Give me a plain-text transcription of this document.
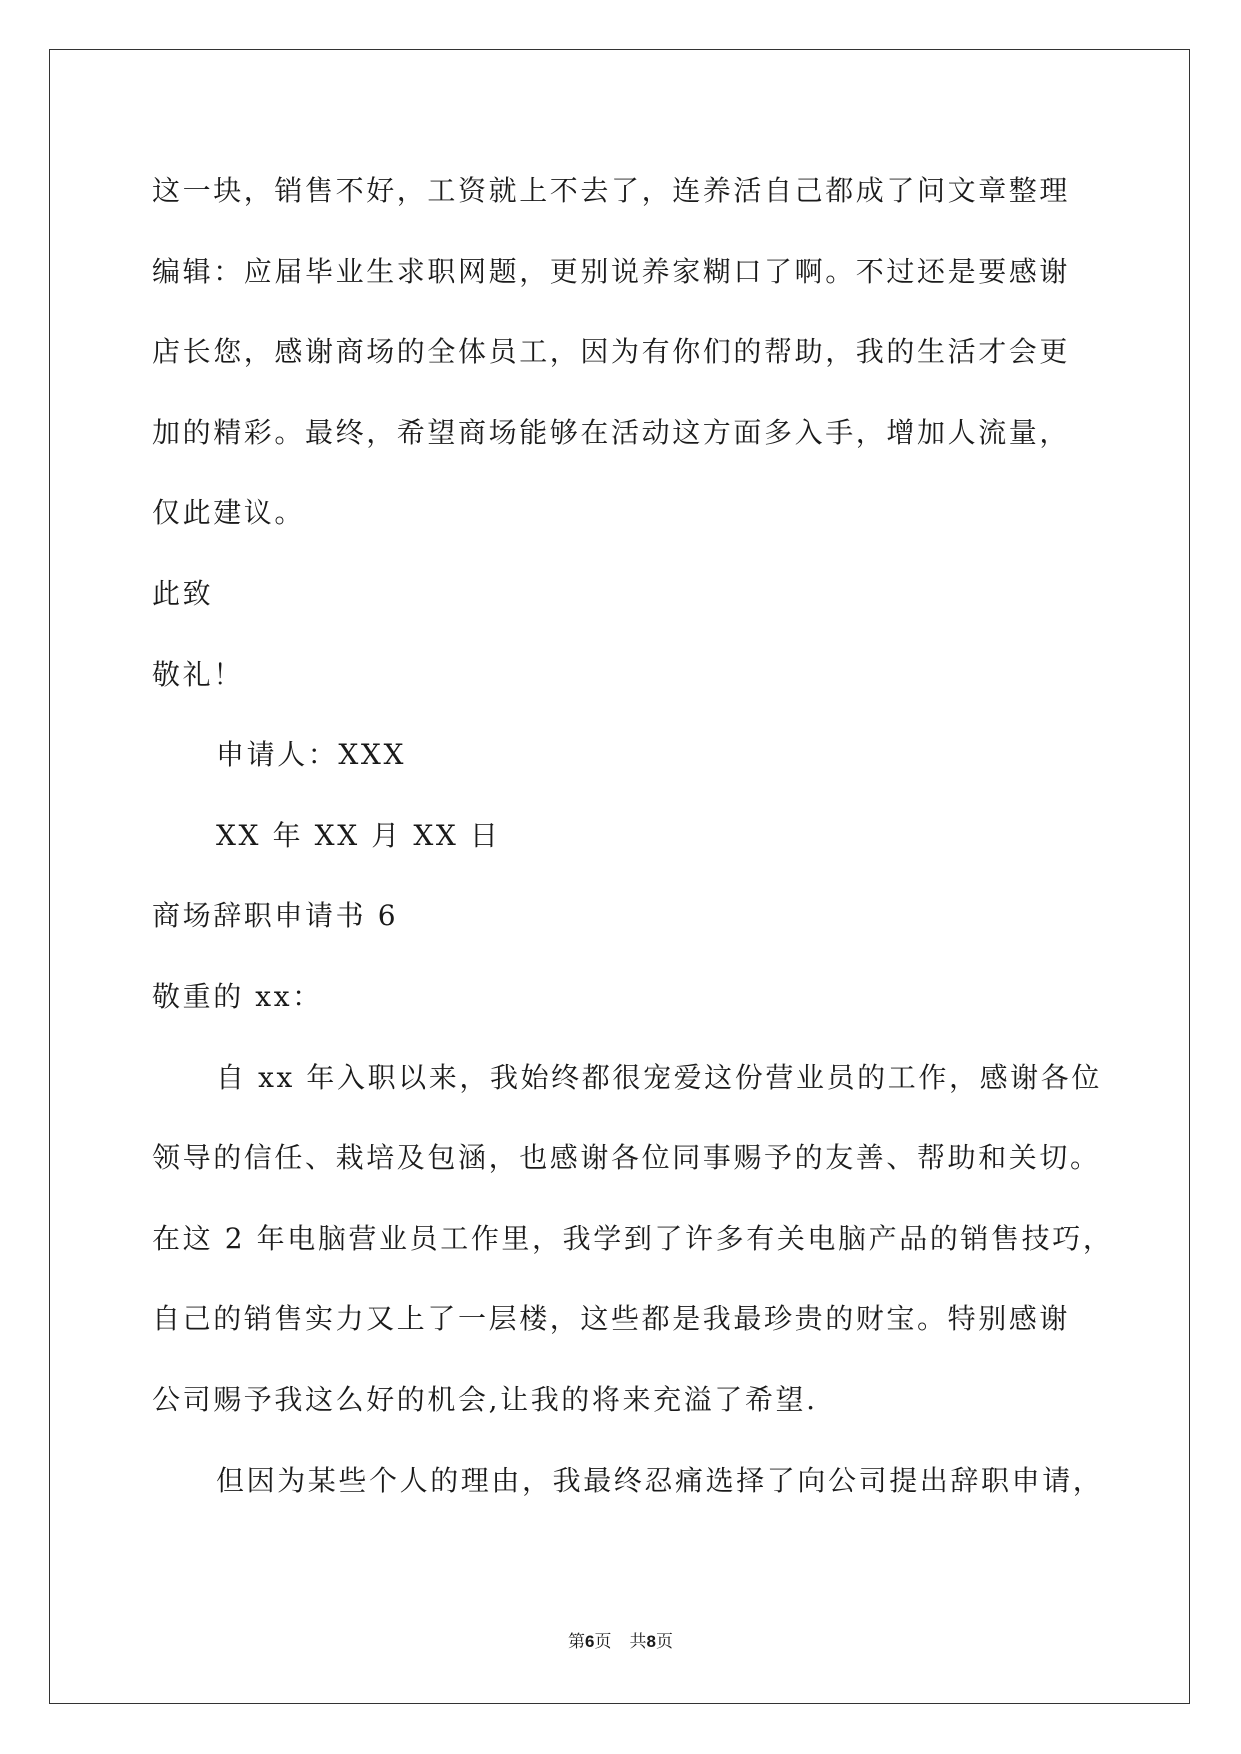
这一块，销售不好，工资就上不去了，连养活自己都成了问文章整理
编辑：应届毕业生求职网题，更别说养家糊口了啊。不过还是要感谢
店长您，感谢商场的全体员工，因为有你们的帮助，我的生活才会更
加的精彩。最终，希望商场能够在活动这方面多入手，增加人流量，
仅此建议。
此致
敬礼！
申请人：XXX
XX 年 XX 月 XX 日
商场辞职申请书 6
敬重的 xx：
自 xx 年入职以来，我始终都很宠爱这份营业员的工作，感谢各位
领导的信任、栽培及包涵，也感谢各位同事赐予的友善、帮助和关切。
在这 2 年电脑营业员工作里，我学到了许多有关电脑产品的销售技巧，
自己的销售实力又上了一层楼，这些都是我最珍贵的财宝。特别感谢
公司赐予我这么好的机会,让我的将来充溢了希望.
但因为某些个人的理由，我最终忍痛选择了向公司提出辞职申请，
第6页 共8页
